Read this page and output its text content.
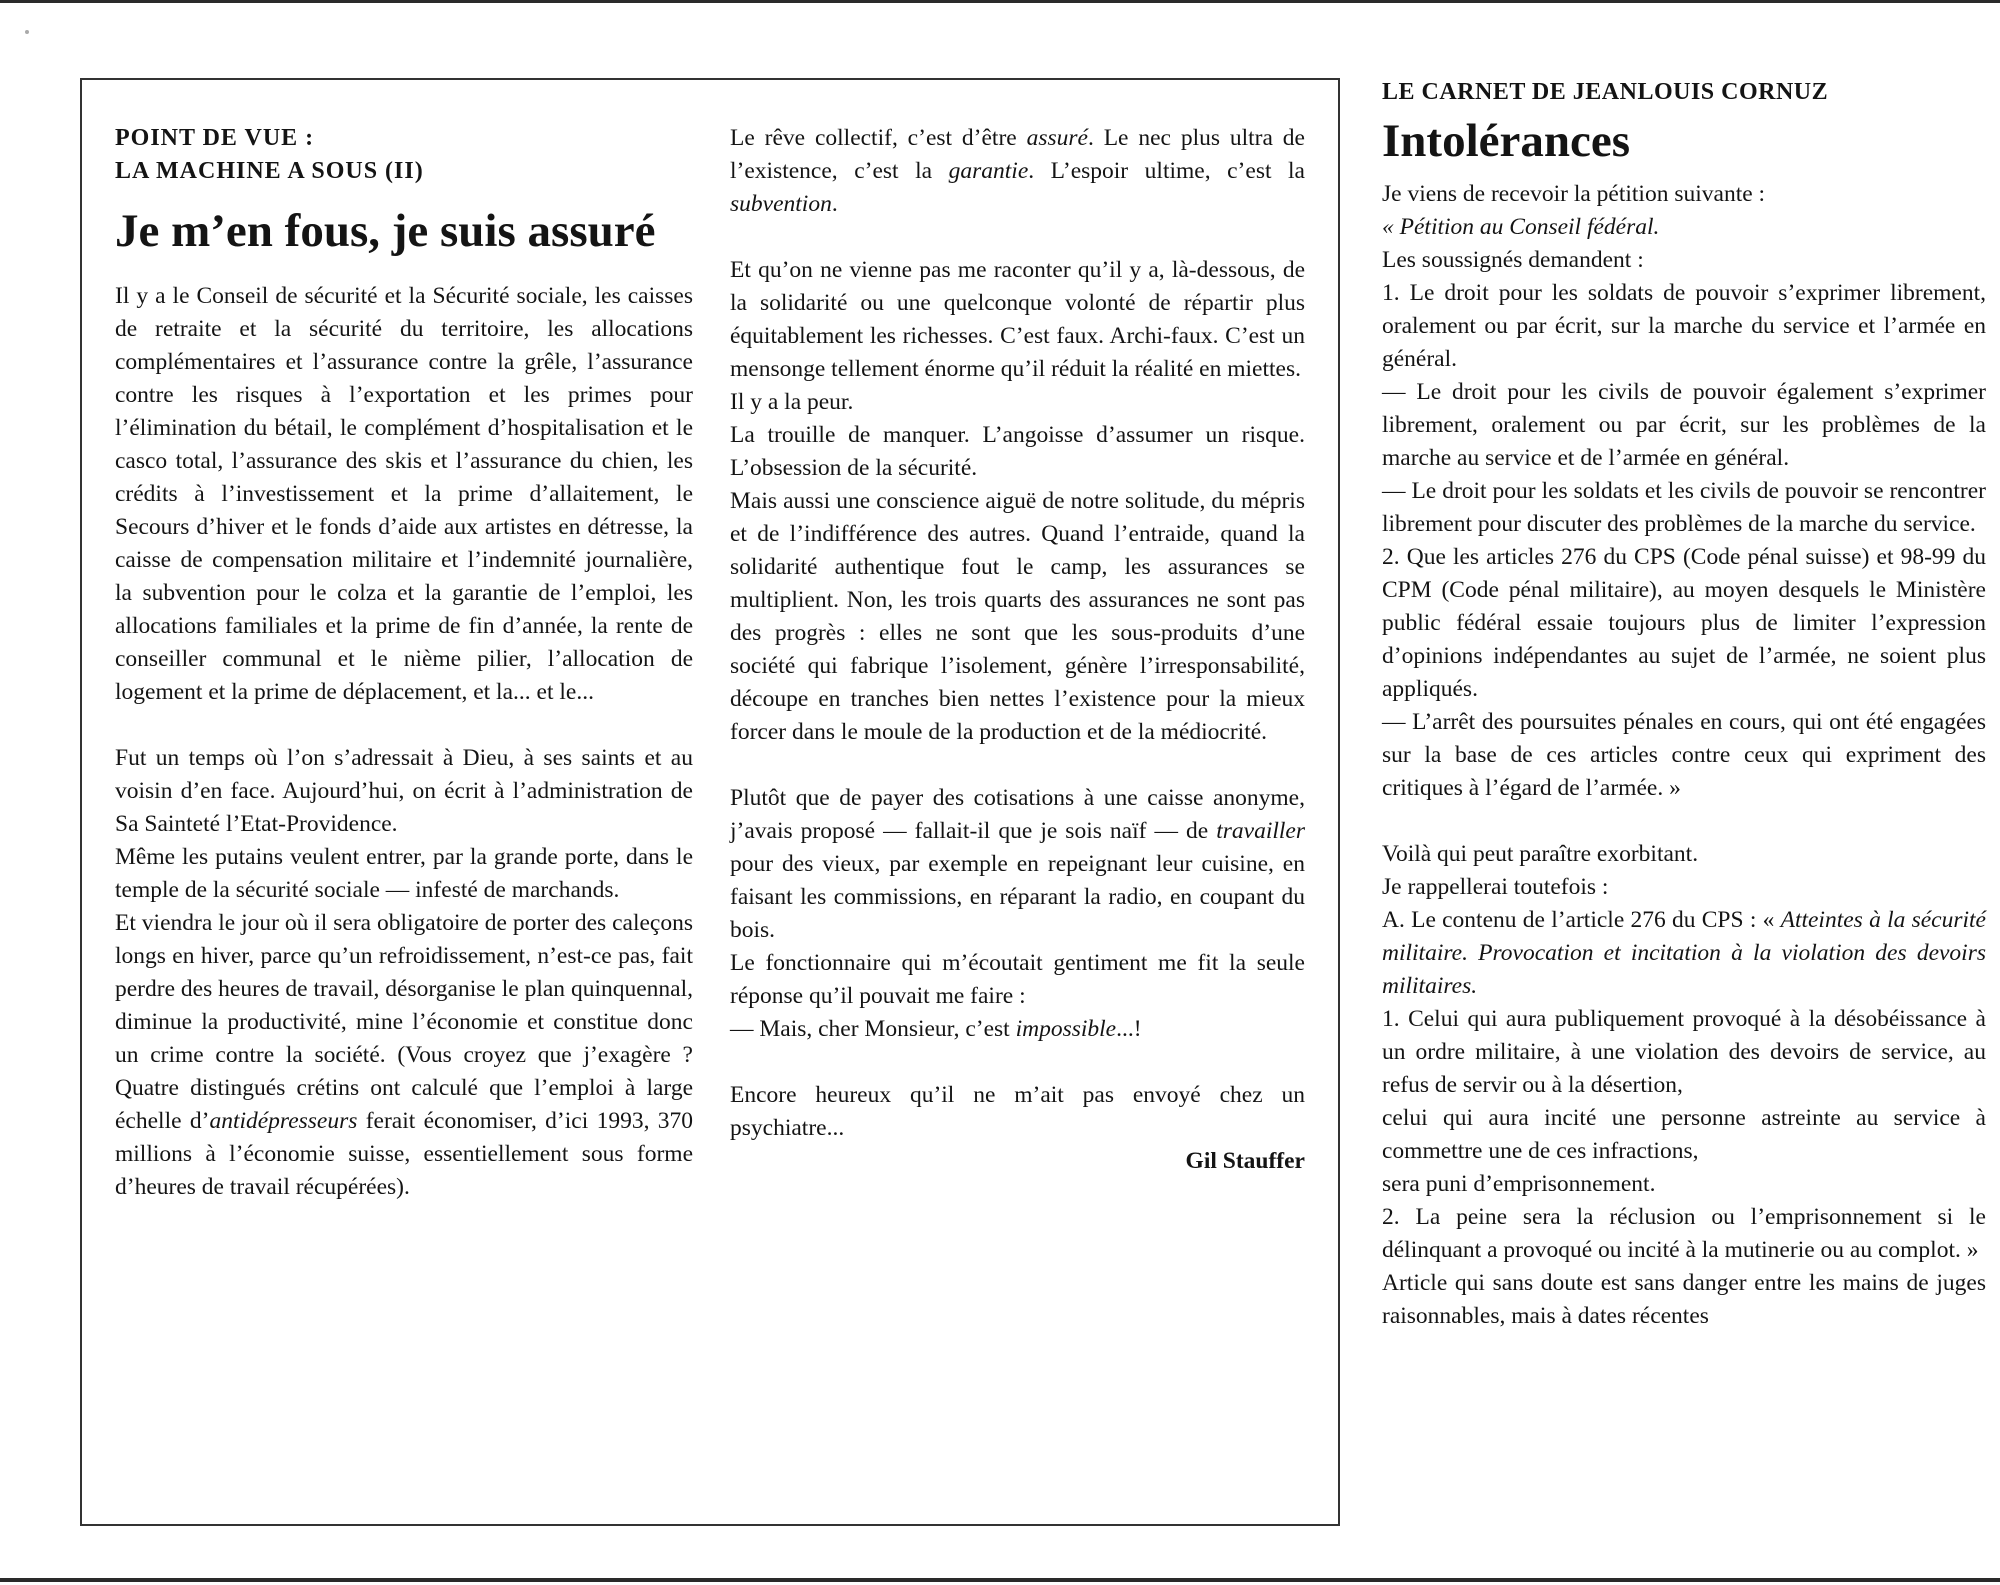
POINT DE VUE :
LA MACHINE A SOUS (II)
Je m’en fous, je suis assuré

Il y a le Conseil de sécurité et la Sécurité sociale, les caisses de retraite et la sécurité du territoire, les allocations complémentaires et l’assurance contre la grêle, l’assurance contre les risques à l’exportation et les primes pour l’élimination du bétail, le complément d’hospitalisation et le casco total, l’assurance des skis et l’assurance du chien, les crédits à l’investissement et la prime d’allaitement, le Secours d’hiver et le fonds d’aide aux artistes en détresse, la caisse de compensation militaire et l’indemnité journalière, la subvention pour le colza et la garantie de l’emploi, les allocations familiales et la prime de fin d’année, la rente de conseiller communal et le nième pilier, l’allocation de logement et la prime de déplacement, et la... et le...

Fut un temps où l’on s’adressait à Dieu, à ses saints et au voisin d’en face. Aujourd’hui, on écrit à l’administration de Sa Sainteté l’Etat-Providence.

Même les putains veulent entrer, par la grande porte, dans le temple de la sécurité sociale — infesté de marchands.

Et viendra le jour où il sera obligatoire de porter des caleçons longs en hiver, parce qu’un refroidissement, n’est-ce pas, fait perdre des heures de travail, désorganise le plan quinquennal, diminue la productivité, mine l’économie et constitue donc un crime contre la société. (Vous croyez que j’exagère ? Quatre distingués crétins ont calculé que l’emploi à large échelle d’antidépresseurs ferait économiser, d’ici 1993, 370 millions à l’économie suisse, essentiellement sous forme d’heures de travail récupérées).

Le rêve collectif, c’est d’être assuré. Le nec plus ultra de l’existence, c’est la garantie. L’espoir ultime, c’est la subvention.

Et qu’on ne vienne pas me raconter qu’il y a, là-dessous, de la solidarité ou une quelconque volonté de répartir plus équitablement les richesses. C’est faux. Archi-faux. C’est un mensonge tellement énorme qu’il réduit la réalité en miettes.

Il y a la peur.

La trouille de manquer. L’angoisse d’assumer un risque. L’obsession de la sécurité.

Mais aussi une conscience aiguë de notre solitude, du mépris et de l’indifférence des autres. Quand l’entraide, quand la solidarité authentique fout le camp, les assurances se multiplient. Non, les trois quarts des assurances ne sont pas des progrès : elles ne sont que les sous-produits d’une société qui fabrique l’isolement, génère l’irresponsabilité, découpe en tranches bien nettes l’existence pour la mieux forcer dans le moule de la production et de la médiocrité.

Plutôt que de payer des cotisations à une caisse anonyme, j’avais proposé — fallait-il que je sois naïf — de travailler pour des vieux, par exemple en repeignant leur cuisine, en faisant les commissions, en réparant la radio, en coupant du bois.

Le fonctionnaire qui m’écoutait gentiment me fit la seule réponse qu’il pouvait me faire :

— Mais, cher Monsieur, c’est impossible...!

Encore heureux qu’il ne m’ait pas envoyé chez un psychiatre...

Gil Stauffer

LE CARNET DE JEANLOUIS CORNUZ
Intolérances

Je viens de recevoir la pétition suivante :

« Pétition au Conseil fédéral.

Les soussignés demandent :

1. Le droit pour les soldats de pouvoir s’exprimer librement, oralement ou par écrit, sur la marche du service et l’armée en général.

— Le droit pour les civils de pouvoir également s’exprimer librement, oralement ou par écrit, sur les problèmes de la marche au service et de l’armée en général.

— Le droit pour les soldats et les civils de pouvoir se rencontrer librement pour discuter des problèmes de la marche du service.

2. Que les articles 276 du CPS (Code pénal suisse) et 98-99 du CPM (Code pénal militaire), au moyen desquels le Ministère public fédéral essaie toujours plus de limiter l’expression d’opinions indépendantes au sujet de l’armée, ne soient plus appliqués.

— L’arrêt des poursuites pénales en cours, qui ont été engagées sur la base de ces articles contre ceux qui expriment des critiques à l’égard de l’armée. »

Voilà qui peut paraître exorbitant.

Je rappellerai toutefois :

A. Le contenu de l’article 276 du CPS : « Atteintes à la sécurité militaire. Provocation et incitation à la violation des devoirs militaires.

1. Celui qui aura publiquement provoqué à la désobéissance à un ordre militaire, à une violation des devoirs de service, au refus de servir ou à la désertion,

celui qui aura incité une personne astreinte au service à commettre une de ces infractions,

sera puni d’emprisonnement.

2. La peine sera la réclusion ou l’emprisonnement si le délinquant a provoqué ou incité à la mutinerie ou au complot. »

Article qui sans doute est sans danger entre les mains de juges raisonnables, mais à dates récentes
